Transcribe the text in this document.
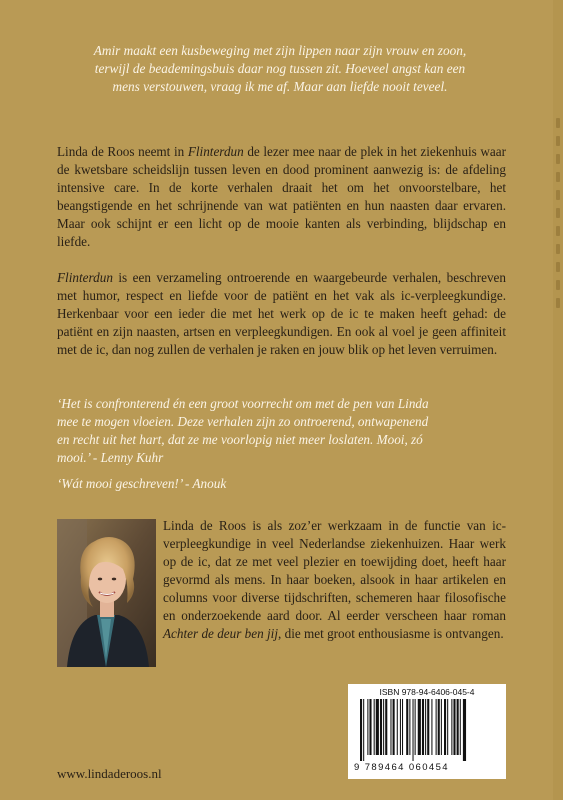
Amir maakt een kusbeweging met zijn lippen naar zijn vrouw en zoon,
terwijl de beademingsbuis daar nog tussen zit. Hoeveel angst kan een
mens verstouwen, vraag ik me af. Maar aan liefde nooit teveel.
Linda de Roos neemt in Flinterdun de lezer mee naar de plek in het ziekenhuis waar de kwetsbare scheidslijn tussen leven en dood prominent aanwezig is: de afdeling intensive care. In de korte verhalen draait het om het onvoorstelbare, het beangstigende en het schrijnende van wat patiënten en hun naasten daar ervaren. Maar ook schijnt er een licht op de mooie kanten als verbinding, blijdschap en liefde.
Flinterdun is een verzameling ontroerende en waargebeurde verhalen, beschreven met humor, respect en liefde voor de patiënt en het vak als ic-verpleegkundige. Herkenbaar voor een ieder die met het werk op de ic te maken heeft gehad: de patiënt en zijn naasten, artsen en verpleegkundigen. En ook al voel je geen affiniteit met de ic, dan nog zullen de verhalen je raken en jouw blik op het leven verruimen.
‘Het is confronterend én een groot voorrecht om met de pen van Linda
mee te mogen vloeien. Deze verhalen zijn zo ontroerend, ontwapenend
en recht uit het hart, dat ze me voorlopig niet meer loslaten. Mooi, zó
mooi.’ - Lenny Kuhr
‘Wát mooi geschreven!’ - Anouk
Linda de Roos is als zoz’er werkzaam in de functie van ic-verpleegkundige in veel Nederlandse ziekenhuizen. Haar werk op de ic, dat ze met veel plezier en toewijding doet, heeft haar gevormd als mens. In haar boeken, alsook in haar artikelen en columns voor diverse tijdschriften, schemeren haar filosofische en onderzoekende aard door. Al eerder verscheen haar roman Achter de deur ben jij, die met groot enthousiasme is ontvangen.
ISBN 978-94-6406-045-4
9 789464 060454
www.lindaderoos.nl
